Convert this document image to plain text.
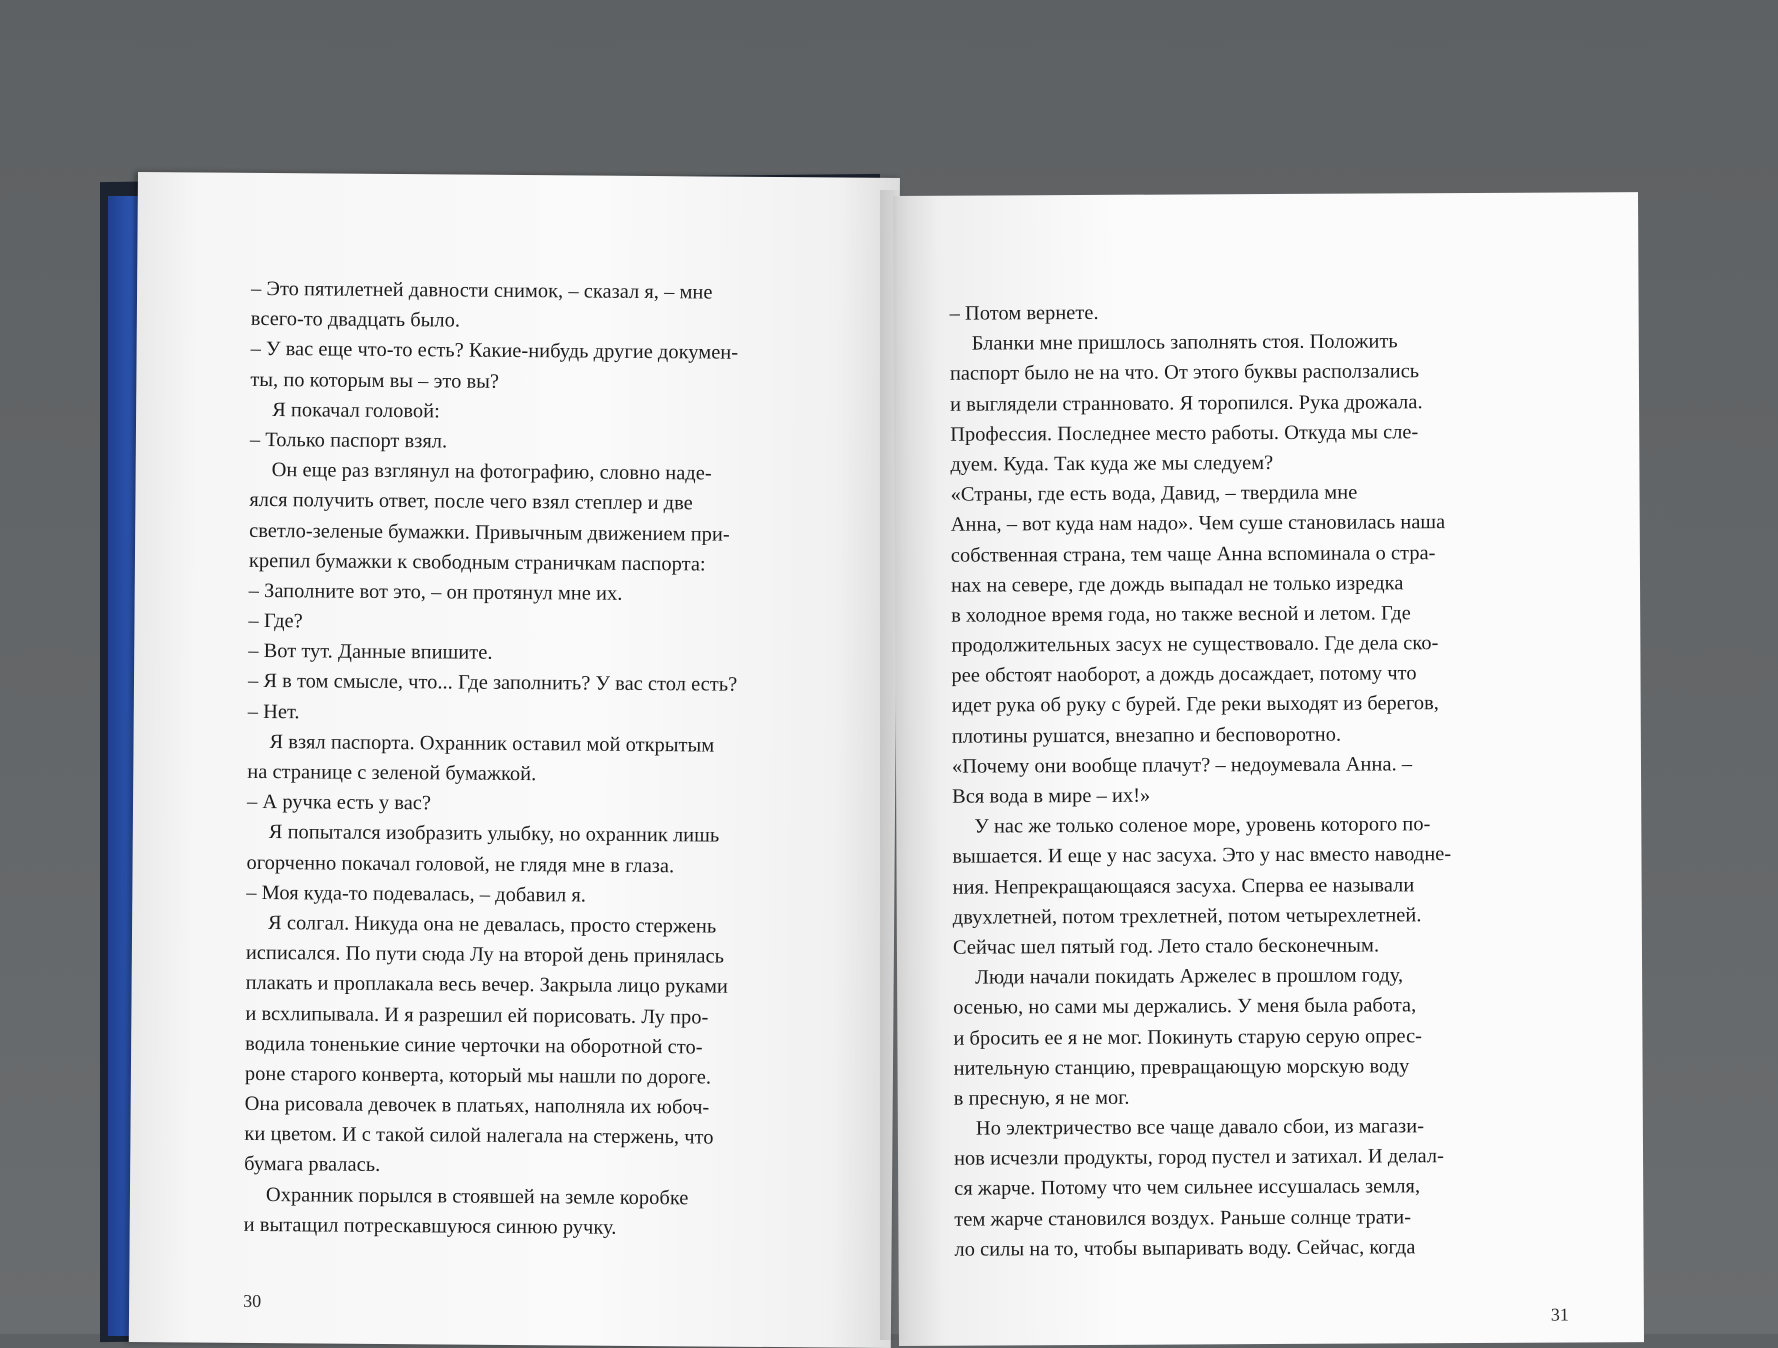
– Это пятилетней давности снимок, – сказал я, – мне
всего-то двадцать было.
– У вас еще что-то есть? Какие-нибудь другие докумен-
ты, по которым вы – это вы?
Я покачал головой:
– Только паспорт взял.
Он еще раз взглянул на фотографию, словно наде-
ялся получить ответ, после чего взял степлер и две
светло-зеленые бумажки. Привычным движением при-
крепил бумажки к свободным страничкам паспорта:
– Заполните вот это, – он протянул мне их.
– Где?
– Вот тут. Данные впишите.
– Я в том смысле, что... Где заполнить? У вас стол есть?
– Нет.
Я взял паспорта. Охранник оставил мой открытым
на странице с зеленой бумажкой.
– А ручка есть у вас?
Я попытался изобразить улыбку, но охранник лишь
огорченно покачал головой, не глядя мне в глаза.
– Моя куда-то подевалась, – добавил я.
Я солгал. Никуда она не девалась, просто стержень
исписался. По пути сюда Лу на второй день принялась
плакать и проплакала весь вечер. Закрыла лицо руками
и всхлипывала. И я разрешил ей порисовать. Лу про-
водила тоненькие синие черточки на оборотной сто-
роне старого конверта, который мы нашли по дороге.
Она рисовала девочек в платьях, наполняла их юбоч-
ки цветом. И с такой силой налегала на стержень, что
бумага рвалась.
Охранник порылся в стоявшей на земле коробке
и вытащил потрескавшуюся синюю ручку.
30
– Потом вернете.
Бланки мне пришлось заполнять стоя. Положить
паспорт было не на что. От этого буквы расползались
и выглядели странновато. Я торопился. Рука дрожала.
Профессия. Последнее место работы. Откуда мы сле-
дуем. Куда. Так куда же мы следуем?
«Страны, где есть вода, Давид, – твердила мне
Анна, – вот куда нам надо». Чем суше становилась наша
собственная страна, тем чаще Анна вспоминала о стра-
нах на севере, где дождь выпадал не только изредка
в холодное время года, но также весной и летом. Где
продолжительных засух не существовало. Где дела ско-
рее обстоят наоборот, а дождь досаждает, потому что
идет рука об руку с бурей. Где реки выходят из берегов,
плотины рушатся, внезапно и бесповоротно.
«Почему они вообще плачут? – недоумевала Анна. –
Вся вода в мире – их!»
У нас же только соленое море, уровень которого по-
вышается. И еще у нас засуха. Это у нас вместо наводне-
ния. Непрекращающаяся засуха. Сперва ее называли
двухлетней, потом трехлетней, потом четырехлетней.
Сейчас шел пятый год. Лето стало бесконечным.
Люди начали покидать Аржелес в прошлом году,
осенью, но сами мы держались. У меня была работа,
и бросить ее я не мог. Покинуть старую серую опрес-
нительную станцию, превращающую морскую воду
в пресную, я не мог.
Но электричество все чаще давало сбои, из магази-
нов исчезли продукты, город пустел и затихал. И делал-
ся жарче. Потому что чем сильнее иссушалась земля,
тем жарче становился воздух. Раньше солнце трати-
ло силы на то, чтобы выпаривать воду. Сейчас, когда
31
